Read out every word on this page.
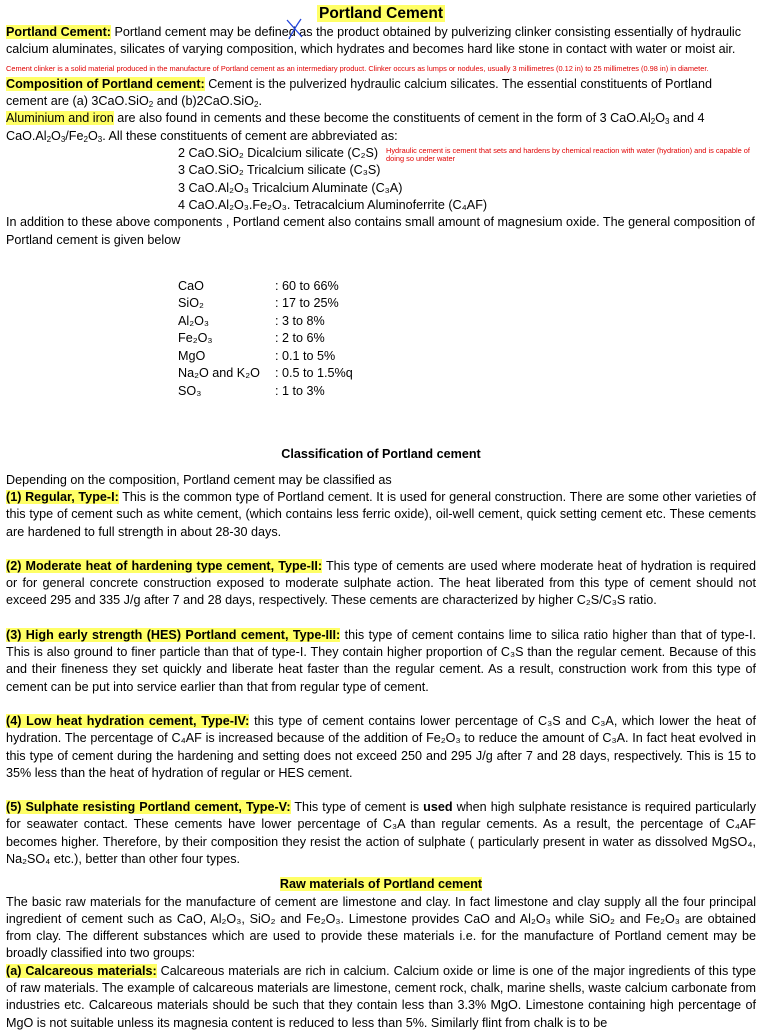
Portland Cement

Portland Cement: Portland cement may be defined as the product obtained by pulverizing clinker consisting essentially of hydraulic calcium aluminates, silicates of varying composition, which hydrates and becomes hard like stone in contact with water or moist air. Cement clinker is a solid material produced in the manufacture of Portland cement as an intermediary product. Clinker occurs as lumps or nodules, usually 3 millimetres (0.12 in) to 25 millimetres (0.98 in) in diameter.

Composition of Portland cement: Cement is the pulverized hydraulic calcium silicates. The essential constituents of Portland cement are (a) 3CaO.SiO$_2$ and (b)2CaO.SiO$_2$.

Aluminium and iron are also found in cements and these become the constituents of cement in the form of 3 $CaO.Al_2O_3$ and 4 $CaO.Al_2O_3/Fe_2O_3$. All these constituents of cement are abbreviated as:

2 CaO.SiO₂ Dicalcium silicate (C₂S)
3 CaO.SiO₂ Tricalcium silicate (C₃S)
3 CaO.Al₂O₃ Tricalcium Aluminate (C₃A)
4 CaO.Al₂O₃.Fe₂O₃. Tetracalcium Aluminoferrite (C₄AF)
Hydraulic cement is cement that sets and hardens by chemical reaction with water (hydration) and is capable of doing so under water

In addition to these above components , Portland cement also contains small amount of magnesium oxide. The general composition of Portland cement is given below

CaO	: 60 to 66%
SiO₂	: 17 to 25%
Al₂O₃	: 3 to 8%
Fe₂O₃	: 2 to 6%
MgO	: 0.1 to 5%
Na₂O and K₂O	: 0.5 to 1.5%q
SO₃	: 1 to 3%
Classification of Portland cement

Depending on the composition, Portland cement may be classified as

(1) Regular, Type-I: This is the common type of Portland cement. It is used for general construction. There are some other varieties of this type of cement such as white cement, (which contains less ferric oxide), oil-well cement, quick setting cement etc. These cements are hardened to full strength in about 28-30 days.

(2) Moderate heat of hardening type cement, Type-II: This type of cements are used where moderate heat of hydration is required or for general concrete construction exposed to moderate sulphate action. The heat liberated from this type of cement should not exceed 295 and 335 J/g after 7 and 28 days, respectively. These cements are characterized by higher C₂S/C₃S ratio.

(3) High early strength (HES) Portland cement, Type-III: this type of cement contains lime to silica ratio higher than that of type-I. This is also ground to finer particle than that of type-I. They contain higher proportion of C₃S than the regular cement. Because of this and their fineness they set quickly and liberate heat faster than the regular cement. As a result, construction work from this type of cement can be put into service earlier than that from regular type of cement.

(4) Low heat hydration cement, Type-IV: this type of cement contains lower percentage of C₃S and C₃A, which lower the heat of hydration. The percentage of C₄AF is increased because of the addition of Fe₂O₃ to reduce the amount of C₃A. In fact heat evolved in this type of cement during the hardening and setting does not exceed 250 and 295 J/g after 7 and 28 days, respectively. This is 15 to 35% less than the heat of hydration of regular or HES cement.

(5) Sulphate resisting Portland cement, Type-V: This type of cement is used when high sulphate resistance is required particularly for seawater contact. These cements have lower percentage of C₃A than regular cements. As a result, the percentage of C₄AF becomes higher. Therefore, by their composition they resist the action of sulphate ( particularly present in water as dissolved MgSO₄, Na₂SO₄ etc.), better than other four types.

Raw materials of Portland cement

The basic raw materials for the manufacture of cement are limestone and clay. In fact limestone and clay supply all the four principal ingredient of cement such as CaO, Al₂O₃, SiO₂ and Fe₂O₃. Limestone provides CaO and Al₂O₃ while SiO₂ and Fe₂O₃ are obtained from clay. The different substances which are used to provide these materials i.e. for the manufacture of Portland cement may be broadly classified into two groups:

(a) Calcareous materials: Calcareous materials are rich in calcium. Calcium oxide or lime is one of the major ingredients of this type of raw materials. The example of calcareous materials are limestone, cement rock, chalk, marine shells, waste calcium carbonate from industries etc. Calcareous materials should be such that they contain less than 3.3% MgO. Limestone containing high percentage of MgO is not suitable unless its magnesia content is reduced to less than 5%. Similarly flint from chalk is to be
